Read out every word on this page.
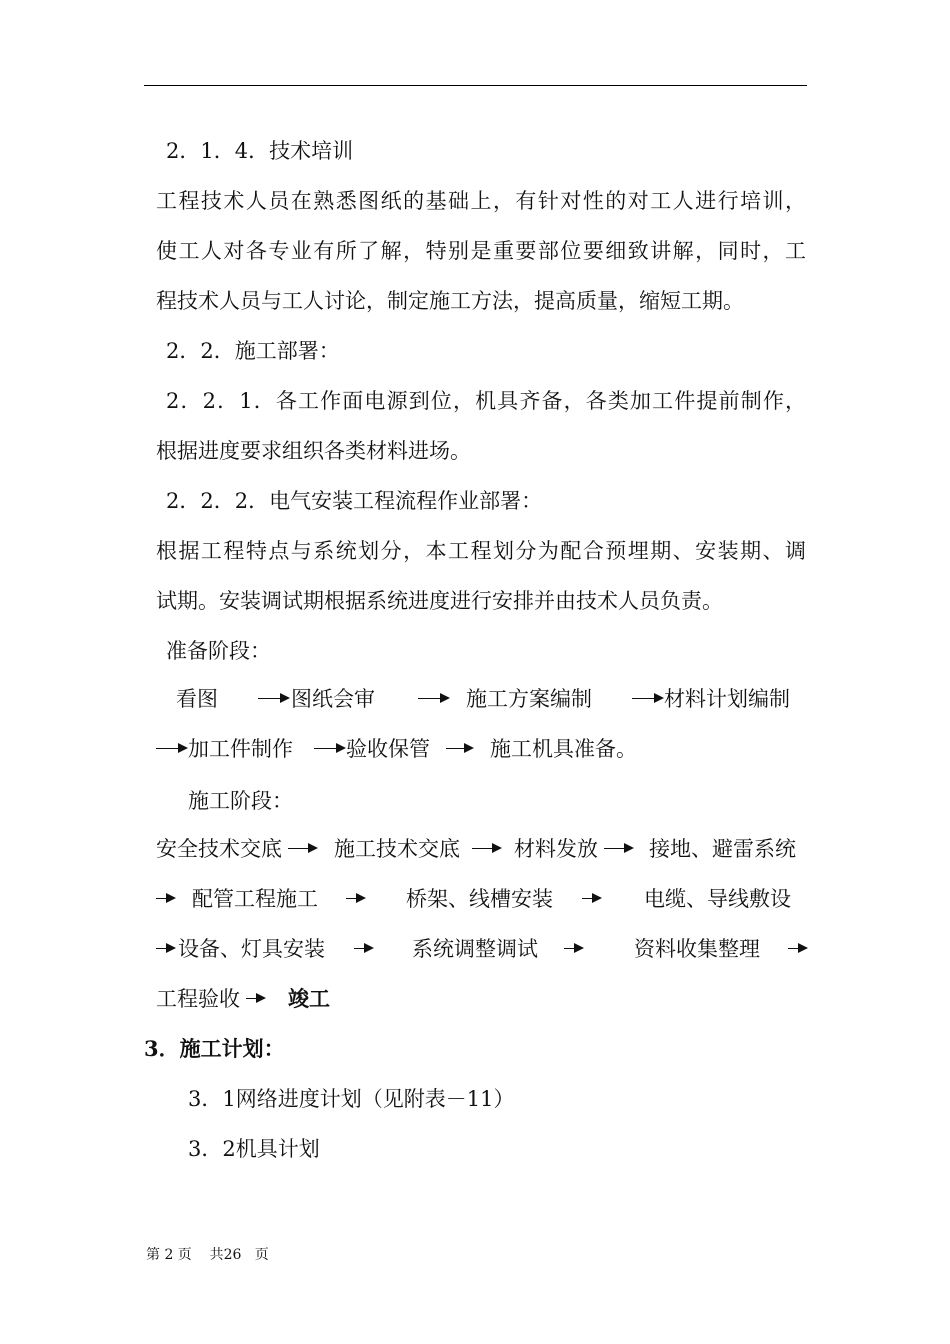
2．1．4．技术培训
工程技术人员在熟悉图纸的基础上，有针对性的对工人进行培训，
使工人对各专业有所了解，特别是重要部位要细致讲解，同时，工
程技术人员与工人讨论，制定施工方法，提高质量，缩短工期。
2．2．施工部署：
2．2．1．各工作面电源到位，机具齐备，各类加工件提前制作，
根据进度要求组织各类材料进场。
2．2．2．电气安装工程流程作业部署：
根据工程特点与系统划分，本工程划分为配合预埋期、安装期、调
试期。安装调试期根据系统进度进行安排并由技术人员负责。
准备阶段：
看图	图纸会审	施工方案编制	材料计划编制
加工件制作	验收保管	施工机具准备。
施工阶段：
安全技术交底 施工技术交底	材料发放 接地、避雷系统
配管工程施工	桥架、线槽安装	电缆、导线敷设
设备、灯具安装	系统调整调试	资料收集整理
工程验收 竣工
3．施工计划：
3．1网络进度计划（见附表－11）
3．2机具计划
第 2 页    共26   页
